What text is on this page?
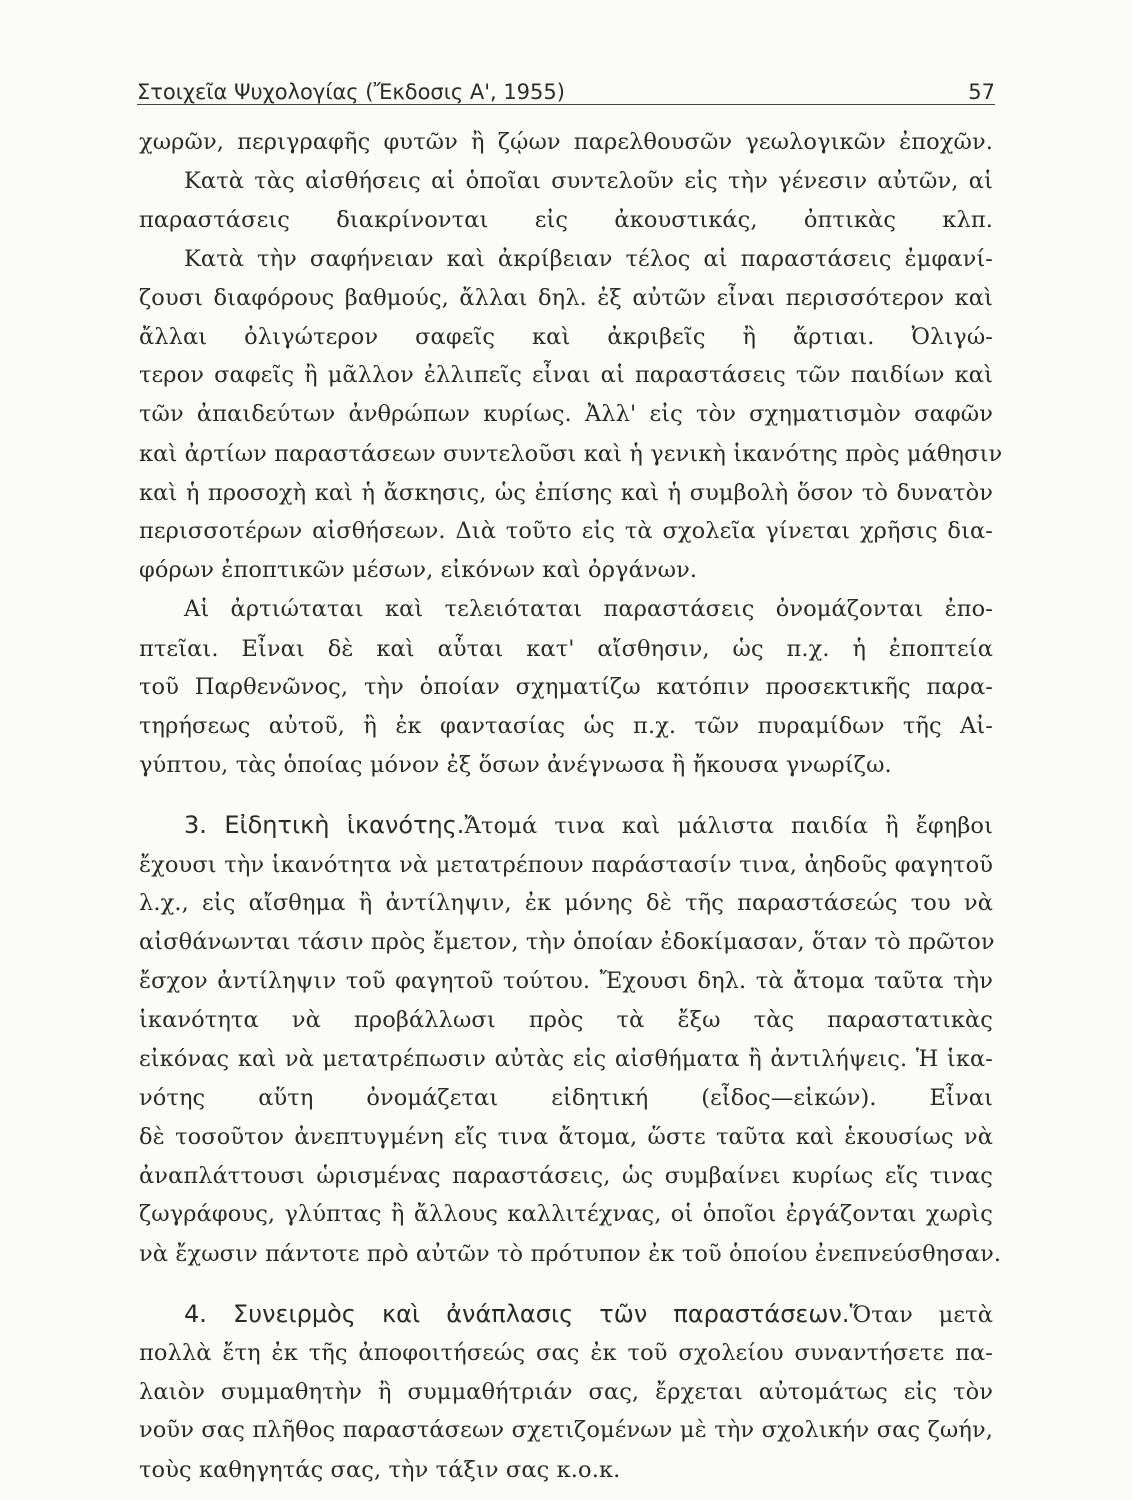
Στοιχεῖα Ψυχολογίας (Ἔκδοσις Α', 1955)	57
χωρῶν, περιγραφῆς φυτῶν ἢ ζῴων παρελθουσῶν γεωλογικῶν ἐποχῶν.
Κατὰ τὰς αἰσθήσεις αἱ ὁποῖαι συντελοῦν εἰς τὴν γένεσιν αὐτῶν, αἱ
παραστάσεις διακρίνονται εἰς ἀκουστικάς, ὀπτικὰς κλπ.
Κατὰ τὴν σαφήνειαν καὶ ἀκρίβειαν τέλος αἱ παραστάσεις ἐμφανί-
ζουσι διαφόρους βαθμούς, ἄλλαι δηλ. ἐξ αὐτῶν εἶναι περισσότερον καὶ
ἄλλαι ὀλιγώτερον σαφεῖς καὶ ἀκριβεῖς ἢ ἄρτιαι. Ὀλιγώ-
τερον σαφεῖς ἢ μᾶλλον ἐλλιπεῖς εἶναι αἱ παραστάσεις τῶν παιδίων καὶ
τῶν ἀπαιδεύτων ἀνθρώπων κυρίως. Ἀλλ' εἰς τὸν σχηματισμὸν σαφῶν
καὶ ἀρτίων παραστάσεων συντελοῦσι καὶ ἡ γενικὴ ἱκανότης πρὸς μάθησιν
καὶ ἡ προσοχὴ καὶ ἡ ἄσκησις, ὡς ἐπίσης καὶ ἡ συμβολὴ ὅσον τὸ δυνατὸν
περισσοτέρων αἰσθήσεων. Διὰ τοῦτο εἰς τὰ σχολεῖα γίνεται χρῆσις δια-
φόρων ἐποπτικῶν μέσων, εἰκόνων καὶ ὀργάνων.
Αἱ ἀρτιώταται καὶ τελειόταται παραστάσεις ὀνομάζονται ἐπο-
πτεῖαι. Εἶναι δὲ καὶ αὗται κατ' αἴσθησιν, ὡς π.χ. ἡ ἐποπτεία
τοῦ Παρθενῶνος, τὴν ὁποίαν σχηματίζω κατόπιν προσεκτικῆς παρα-
τηρήσεως αὐτοῦ, ἢ ἐκ φαντασίας ὡς π.χ. τῶν πυραμίδων τῆς Αἰ-
γύπτου, τὰς ὁποίας μόνον ἐξ ὅσων ἀνέγνωσα ἢ ἤκουσα γνωρίζω.
3. Εἰδητικὴ ἱκανότης.Ἄτομά τινα καὶ μάλιστα παιδία ἢ ἔφηβοι
ἔχουσι τὴν ἱκανότητα νὰ μετατρέπουν παράστασίν τινα, ἀηδοῦς φαγητοῦ
λ.χ., εἰς αἴσθημα ἢ ἀντίληψιν, ἐκ μόνης δὲ τῆς παραστάσεώς του νὰ
αἰσθάνωνται τάσιν πρὸς ἔμετον, τὴν ὁποίαν ἐδοκίμασαν, ὅταν τὸ πρῶτον
ἔσχον ἀντίληψιν τοῦ φαγητοῦ τούτου. Ἔχουσι δηλ. τὰ ἄτομα ταῦτα τὴν
ἱκανότητα νὰ προβάλλωσι πρὸς τὰ ἔξω τὰς παραστατικὰς
εἰκόνας καὶ νὰ μετατρέπωσιν αὐτὰς εἰς αἰσθήματα ἢ ἀντιλήψεις. Ἡ ἱκα-
νότης αὕτη ὀνομάζεται εἰδητική (εἶδος—εἰκών). Εἶναι
δὲ τοσοῦτον ἀνεπτυγμένη εἴς τινα ἄτομα, ὥστε ταῦτα καὶ ἑκουσίως νὰ
ἀναπλάττουσι ὡρισμένας παραστάσεις, ὡς συμβαίνει κυρίως εἴς τινας
ζωγράφους, γλύπτας ἢ ἄλλους καλλιτέχνας, οἱ ὁποῖοι ἐργάζονται χωρὶς
νὰ ἔχωσιν πάντοτε πρὸ αὐτῶν τὸ πρότυπον ἐκ τοῦ ὁποίου ἐνεπνεύσθησαν.
4. Συνειρμὸς καὶ ἀνάπλασις τῶν παραστάσεων.Ὅταν μετὰ
πολλὰ ἔτη ἐκ τῆς ἀποφοιτήσεώς σας ἐκ τοῦ σχολείου συναντήσετε πα-
λαιὸν συμμαθητὴν ἢ συμμαθήτριάν σας, ἔρχεται αὐτομάτως εἰς τὸν
νοῦν σας πλῆθος παραστάσεων σχετιζομένων μὲ τὴν σχολικήν σας ζωήν,
τοὺς καθηγητάς σας, τὴν τάξιν σας κ.ο.κ.
